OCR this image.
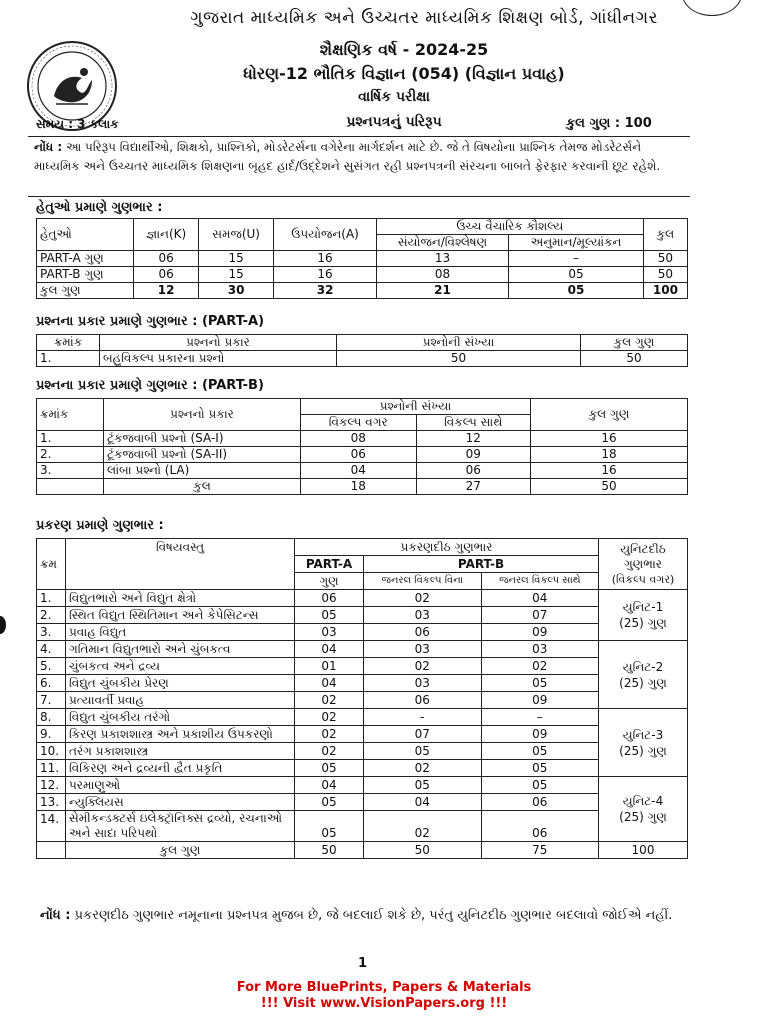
ગુજરાત માધ્યમિક અને ઉચ્ચતર માધ્યમિક શિક્ષણ બોર્ડ, ગાંધીનગર
શૈક્ષણિક વર્ષ - 2024-25
ધોરણ-12 ભૌતિક વિજ્ઞાન (054) (વિજ્ઞાન પ્રવાહ)
વાર્ષિક પરીક્ષા
પ્રશ્નપત્રનું પરિરૂપ
સમય : 3 કલાક	કુલ ગુણ : 100
નોંધ : આ પરિરૂપ વિદ્યાર્થીઓ, શિક્ષકો, પ્રાશ્નિકો, મોડરેટર્સના વગેરેના માર્ગદર્શન માટે છે. જે તે વિષયોના પ્રાશ્નિક તેમજ મોડરેટર્સને માધ્યમિક અને ઉચ્ચતર માધ્યમિક શિક્ષણના બૃહદ હાર્દ/ઉદ્દેશને સુસંગત રહી પ્રશ્નપત્રની સંરચના બાબતે ફેરફાર કરવાની છૂટ રહેશે.
હેતુઓ પ્રમાણે ગુણભાર :
હેતુઓ	જ્ઞાન(K)	સમજ(U)	ઉપયોજન(A)	ઉચ્ચ વૈચારિક કૌશલ્ય		કુલ
				સંયોજન/વિશ્લેષણ	અનુમાન/મૂલ્યાંકન	
PART-A ગુણ	06	15	16	13	–	50
PART-B ગુણ	06	15	16	08	05	50
કુલ ગુણ	12	30	32	21	05	100
પ્રશ્નના પ્રકાર પ્રમાણે ગુણભાર : (PART-A)
ક્રમાંક	પ્રશ્નનો પ્રકાર	પ્રશ્નોની સંખ્યા	કુલ ગુણ
1.	બહુવિકલ્પ પ્રકારના પ્રશ્નો	50	50
પ્રશ્નના પ્રકાર પ્રમાણે ગુણભાર : (PART-B)
ક્રમાંક	પ્રશ્નનો પ્રકાર	પ્રશ્નોની સંખ્યા		કુલ ગુણ
		વિકલ્પ વગર	વિકલ્પ સાથે	
1.	ટૂંકજવાબી પ્રશ્નો (SA-I)	08	12	16
2.	ટૂંકજવાબી પ્રશ્નો (SA-II)	06	09	18
3.	લાંબા પ્રશ્નો (LA)	04	06	16
	કુલ	18	27	50
પ્રકરણ પ્રમાણે ગુણભાર :
ક્રમ	વિષયવસ્તુ	પ્રકરણદીઠ ગુણભાર			યુનિટદીઠ ગુણભાર
(વિકલ્પ વગર)

		PART-A	PART-B		
		ગુણ	જનરલ વિકલ્પ વિના	જનરલ વિકલ્પ સાથે	
1.	વિદ્યુતભારો અને વિદ્યુત ક્ષેત્રો	06	02	04	યુનિટ-1
(25) ગુણ

2.	સ્થિત વિદ્યુત સ્થિતિમાન અને કેપેસિટન્સ	05	03	07	
3.	પ્રવાહ વિદ્યુત	03	06	09	
4.	ગતિમાન વિદ્યુતભારો અને ચુંબકત્વ	04	03	03	યુનિટ-2
(25) ગુણ

5.	ચુંબકત્વ અને દ્રવ્ય	01	02	02	
6.	વિદ્યુત ચુંબકીય પ્રેરણ	04	03	05	
7.	પ્રત્યાવર્તી પ્રવાહ	02	06	09	
8.	વિદ્યુત ચુંબકીય તરંગો	02	-	–	યુનિટ-3
(25) ગુણ

9.	કિરણ પ્રકાશશાસ્ત્ર અને પ્રકાશીય ઉપકરણો	02	07	09	
10.	તરંગ પ્રકાશશાસ્ત્ર	02	05	05	
11.	વિકિરણ અને દ્રવ્યની દ્વૈત પ્રકૃતિ	05	02	05	
12.	પરમાણુઓ	04	05	05	યુનિટ-4
(25) ગુણ

13.	ન્યુક્લિયસ	05	04	06	
14.	સેમીકન્ડક્ટર્સ ઇલેક્ટ્રૉનિક્સ દ્રવ્યો, રચનાઓ અને સાદા પરિપથો	05	02	06	
	કુલ ગુણ	50	50	75	100
નોંધ : પ્રકરણદીઠ ગુણભાર નમૂનાના પ્રશ્નપત્ર મુજબ છે, જે બદલાઈ શકે છે, પરંતુ યુનિટદીઠ ગુણભાર બદલાવો જોઈએ નહીં.
1
For More BluePrints, Papers & Materials
!!! Visit www.VisionPapers.org !!!
